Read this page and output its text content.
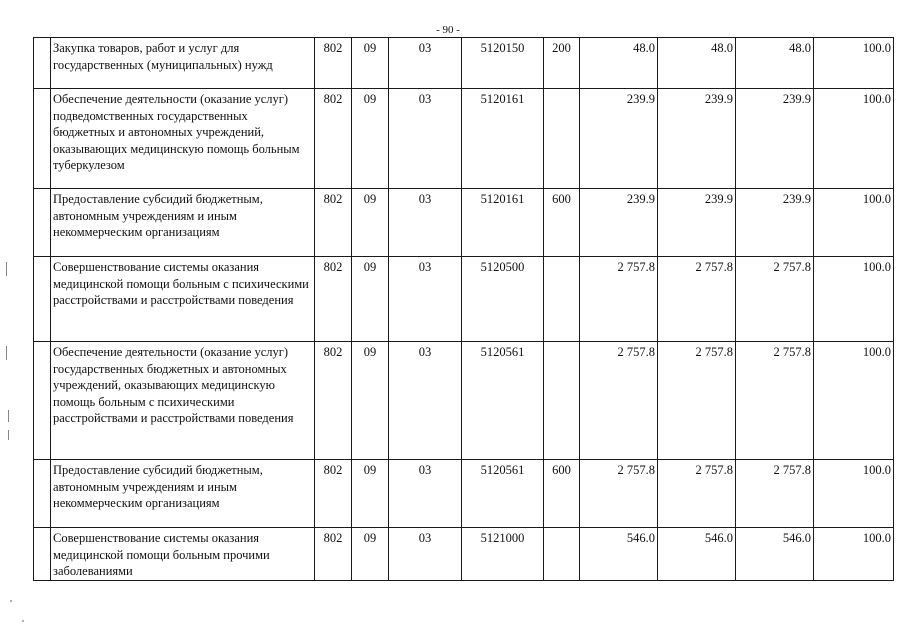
- 90 -
	Закупка товаров, работ и услуг для государственных (муниципальных) нужд	802	09	03	5120150	200	48.0	48.0	48.0	100.0
	Обеспечение деятельности (оказание услуг) подведомственных государственных бюджетных и автономных учреждений, оказывающих медицинскую помощь больным туберкулезом	802	09	03	5120161		239.9	239.9	239.9	100.0
	Предоставление субсидий бюджетным, автономным учреждениям и иным некоммерческим организациям	802	09	03	5120161	600	239.9	239.9	239.9	100.0
	Совершенствование системы оказания медицинской помощи больным с психическими расстройствами и расстройствами поведения	802	09	03	5120500		2 757.8	2 757.8	2 757.8	100.0
	Обеспечение деятельности (оказание услуг) государственных бюджетных и автономных учреждений, оказывающих медицинскую помощь больным с психическими расстройствами и расстройствами поведения	802	09	03	5120561		2 757.8	2 757.8	2 757.8	100.0
	Предоставление субсидий бюджетным, автономным учреждениям и иным некоммерческим организациям	802	09	03	5120561	600	2 757.8	2 757.8	2 757.8	100.0
	Совершенствование системы оказания медицинской помощи больным прочими заболеваниями	802	09	03	5121000		546.0	546.0	546.0	100.0
